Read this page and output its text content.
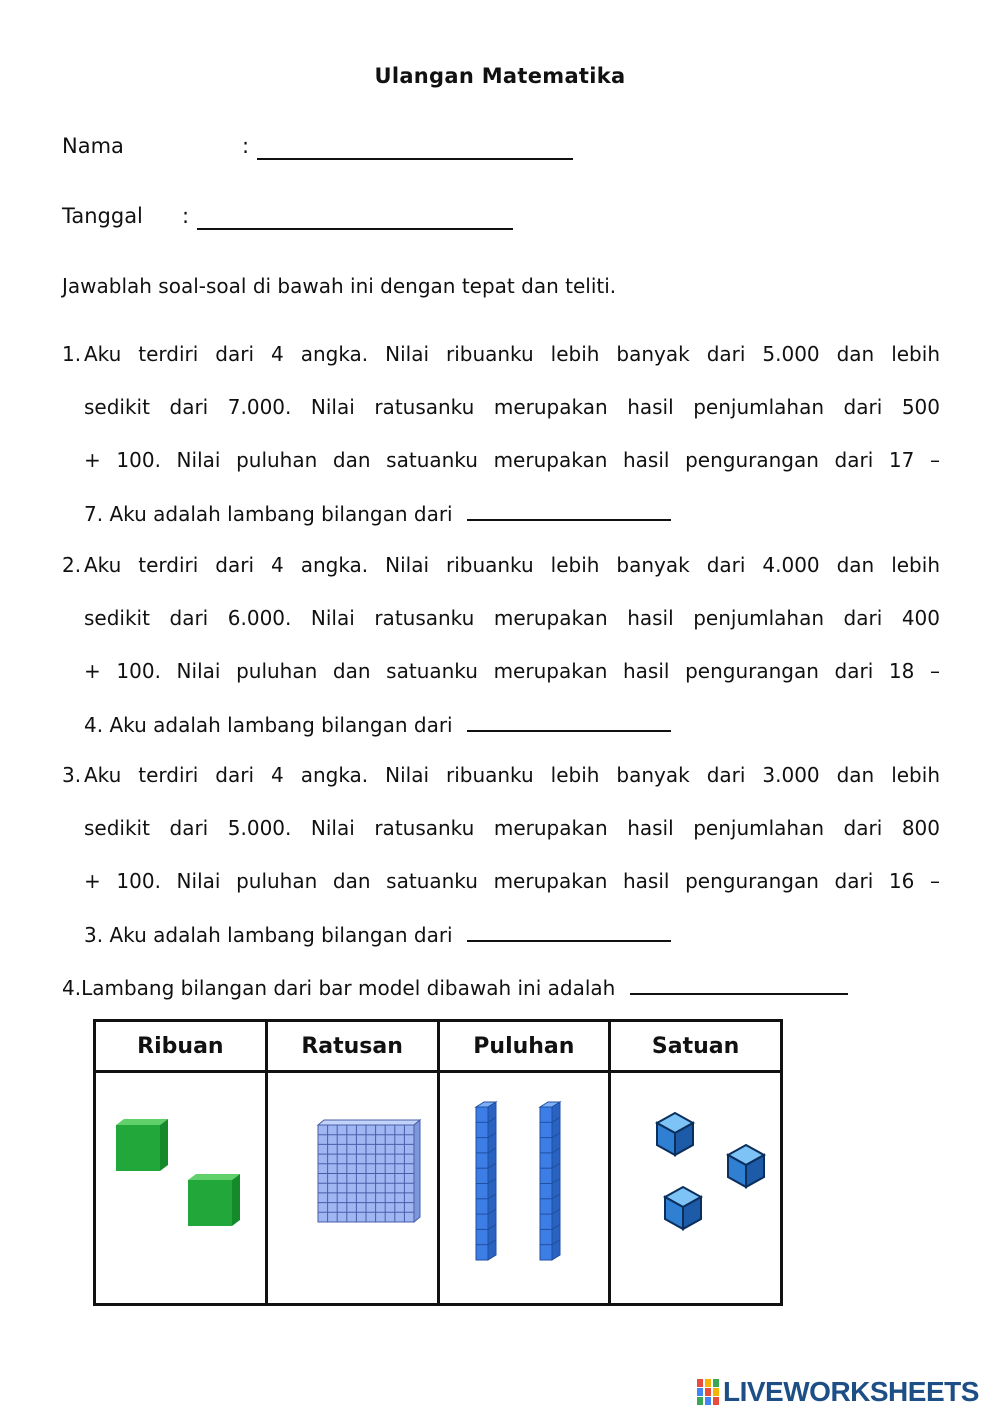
Ulangan Matematika
Nama	:
Tanggal :
Jawablah soal-soal di bawah ini dengan tepat dan teliti.
1. Aku terdiri dari 4 angka. Nilai ribuanku lebih banyak dari 5.000 dan lebih
sedikit dari 7.000. Nilai ratusanku merupakan hasil penjumlahan dari 500
+ 100. Nilai puluhan dan satuanku merupakan hasil pengurangan dari 17 –
7. Aku adalah lambang bilangan dari
2. Aku terdiri dari 4 angka. Nilai ribuanku lebih banyak dari 4.000 dan lebih
sedikit dari 6.000. Nilai ratusanku merupakan hasil penjumlahan dari 400
+ 100. Nilai puluhan dan satuanku merupakan hasil pengurangan dari 18 –
4. Aku adalah lambang bilangan dari
3. Aku terdiri dari 4 angka. Nilai ribuanku lebih banyak dari 3.000 dan lebih
sedikit dari 5.000. Nilai ratusanku merupakan hasil penjumlahan dari 800
+ 100. Nilai puluhan dan satuanku merupakan hasil pengurangan dari 16 –
3. Aku adalah lambang bilangan dari
4.Lambang bilangan dari bar model dibawah ini adalah
Ribuan	Ratusan	Puluhan	Satuan

LIVEWORKSHEETS
